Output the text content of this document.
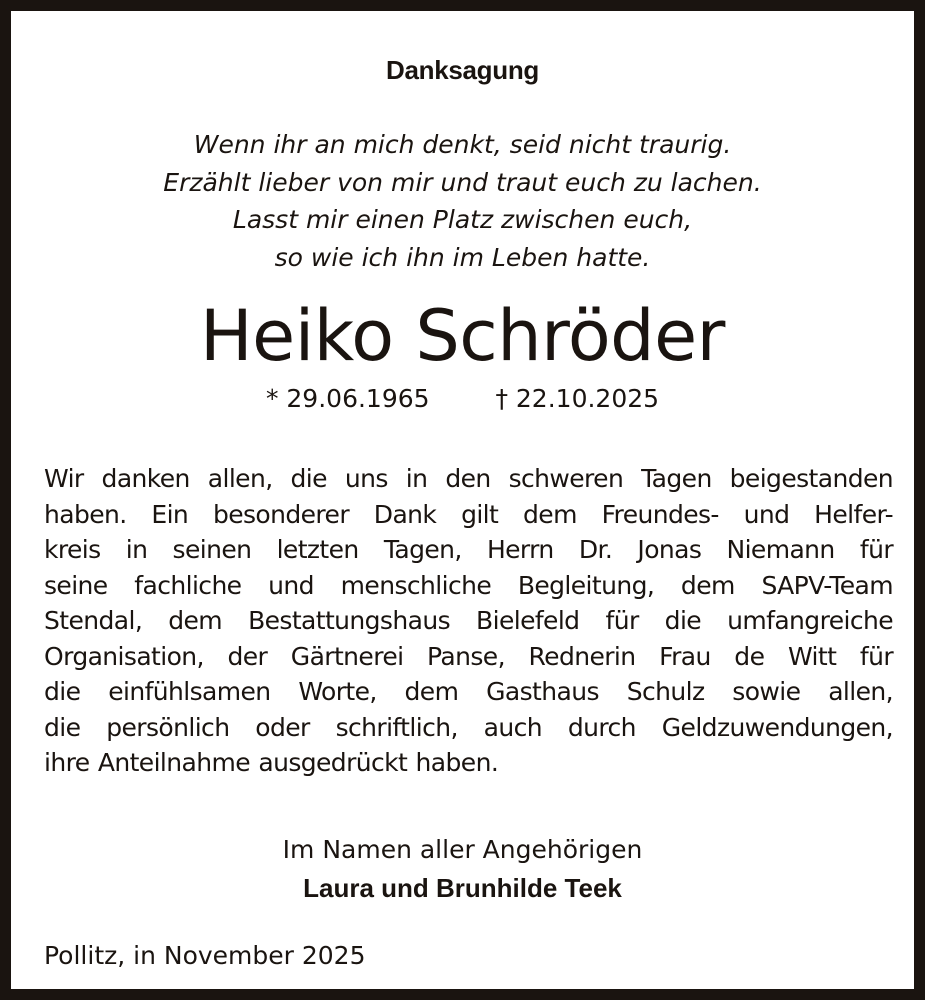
Danksagung
Wenn ihr an mich denkt, seid nicht traurig.
Erzählt lieber von mir und traut euch zu lachen.
Lasst mir einen Platz zwischen euch,
so wie ich ihn im Leben hatte.
Heiko Schröder
* 29.06.1965	† 22.10.2025
Wir danken allen, die uns in den schweren Tagen beigestanden
haben. Ein besonderer Dank gilt dem Freundes- und Helfer-
kreis in seinen letzten Tagen, Herrn Dr. Jonas Niemann für
seine fachliche und menschliche Begleitung, dem SAPV-Team
Stendal, dem Bestattungshaus Bielefeld für die umfangreiche
Organisation, der Gärtnerei Panse, Rednerin Frau de Witt für
die einfühlsamen Worte, dem Gasthaus Schulz sowie allen,
die persönlich oder schriftlich, auch durch Geldzuwendungen,
ihre Anteilnahme ausgedrückt haben.
Im Namen aller Angehörigen
Laura und Brunhilde Teek
Pollitz, in November 2025
